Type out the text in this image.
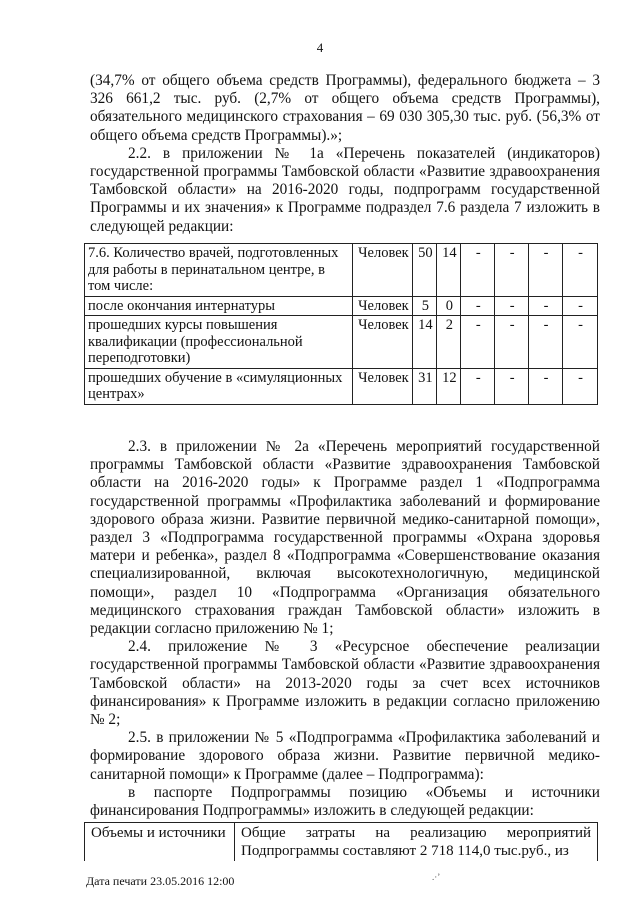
4

(34,7% от общего объема средств Программы), федерального бюджета – 3 326 661,2 тыс. руб. (2,7% от общего объема средств Программы), обязательного медицинского страхования – 69 030 305,30 тыс. руб. (56,3% от общего объема средств Программы).»;

2.2. в приложении № 1а «Перечень показателей (индикаторов) государственной программы Тамбовской области «Развитие здравоохранения Тамбовской области» на 2016-2020 годы, подпрограмм государственной Программы и их значения» к Программе подраздел 7.6 раздела 7 изложить в следующей редакции:

7.6. Количество врачей, подготовленных для работы в перинатальном центре, в том числе:	Человек	50	14	-	-	-	-
после окончания интернатуры	Человек	5	0	-	-	-	-
прошедших курсы повышения квалификации (профессиональной переподготовки)	Человек	14	2	-	-	-	-
прошедших обучение в «симуляционных центрах»	Человек	31	12	-	-	-	-

2.3. в приложении № 2а «Перечень мероприятий государственной программы Тамбовской области «Развитие здравоохранения Тамбовской области на 2016-2020 годы» к Программе раздел 1 «Подпрограмма государственной программы «Профилактика заболеваний и формирование здорового образа жизни. Развитие первичной медико-санитарной помощи», раздел 3 «Подпрограмма государственной программы «Охрана здоровья матери и ребенка», раздел 8 «Подпрограмма «Совершенствование оказания специализированной, включая высокотехнологичную, медицинской помощи», раздел 10 «Подпрограмма «Организация обязательного медицинского страхования граждан Тамбовской области» изложить в редакции согласно приложению № 1;

2.4. приложение № 3 «Ресурсное обеспечение реализации государственной программы Тамбовской области «Развитие здравоохранения Тамбовской области» на 2013-2020 годы за счет всех источников финансирования» к Программе изложить в редакции согласно приложению № 2;

2.5. в приложении № 5 «Подпрограмма «Профилактика заболеваний и формирование здорового образа жизни. Развитие первичной медико-санитарной помощи» к Программе (далее – Подпрограмма):

в паспорте Подпрограммы позицию «Объемы и источники финансирования Подпрограммы» изложить в следующей редакции:

Объемы и источники	Общие затраты на реализацию мероприятий Подпрограммы составляют 2 718 114,0 тыс.руб., из
Дата печати 23.05.2016 12:00	.·’
